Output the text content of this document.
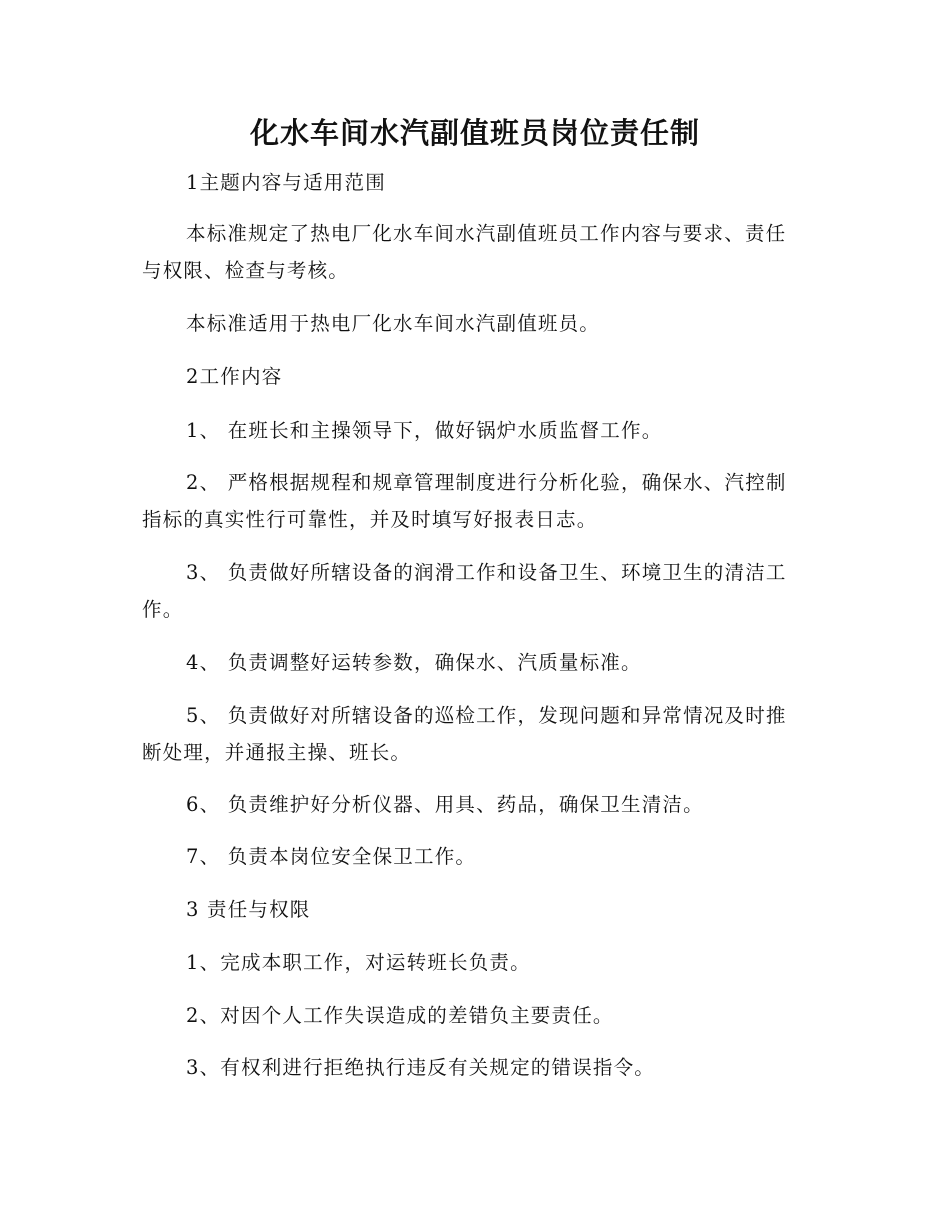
化水车间水汽副值班员岗位责任制

1主题内容与适用范围

本标准规定了热电厂化水车间水汽副值班员工作内容与要求、责任与权限、检查与考核。

本标准适用于热电厂化水车间水汽副值班员。

2工作内容

1、 在班长和主操领导下，做好锅炉水质监督工作。

2、 严格根据规程和规章管理制度进行分析化验，确保水、汽控制指标的真实性行可靠性，并及时填写好报表日志。

3、 负责做好所辖设备的润滑工作和设备卫生、环境卫生的清洁工作。

4、 负责调整好运转参数，确保水、汽质量标准。

5、 负责做好对所辖设备的巡检工作，发现问题和异常情况及时推断处理，并通报主操、班长。

6、 负责维护好分析仪器、用具、药品，确保卫生清洁。

7、 负责本岗位安全保卫工作。

3 责任与权限

1、完成本职工作，对运转班长负责。

2、对因个人工作失误造成的差错负主要责任。

3、有权利进行拒绝执行违反有关规定的错误指令。
